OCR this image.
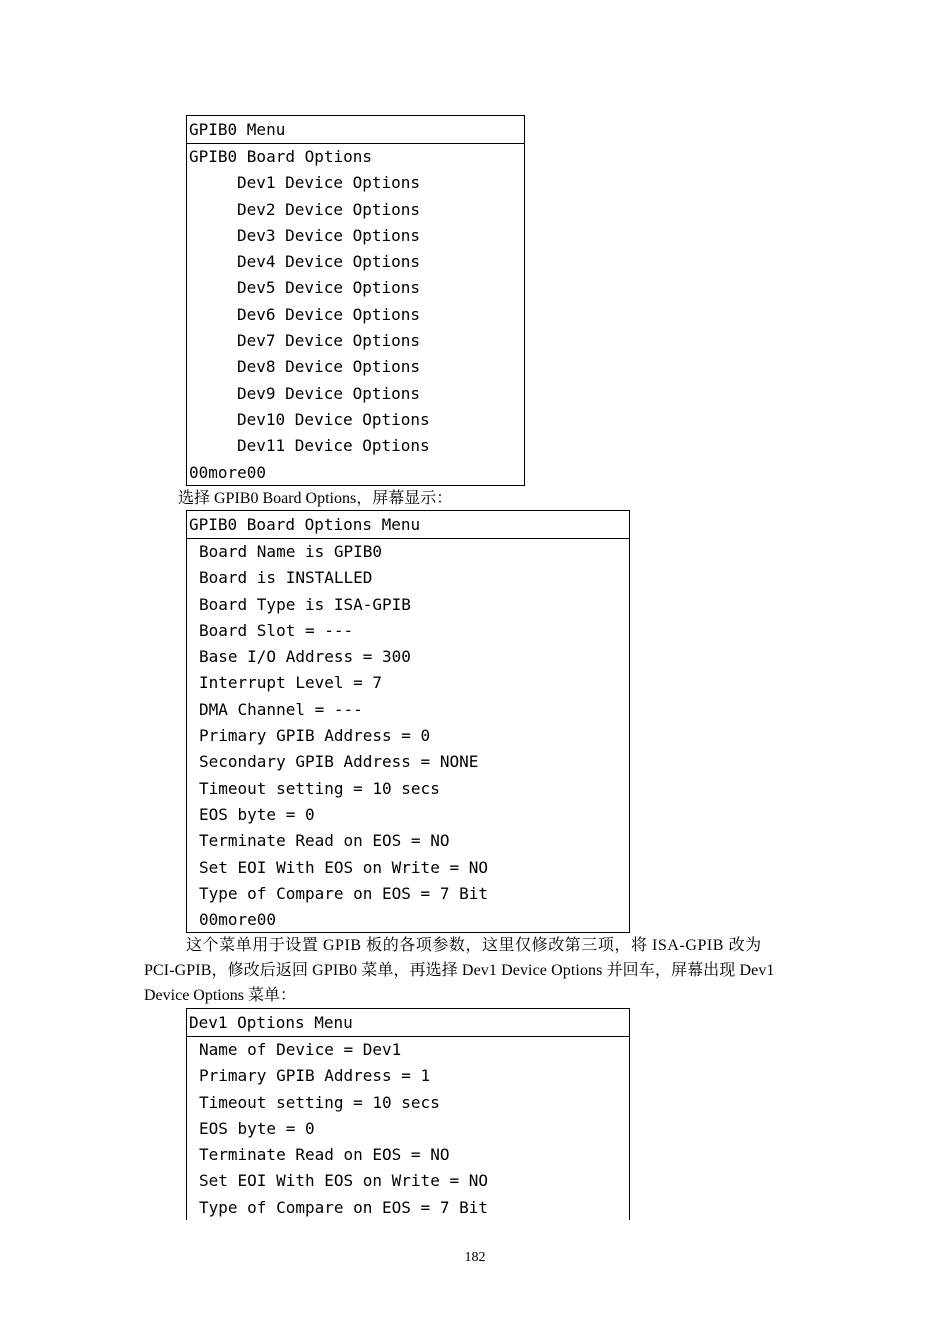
GPIB0 Menu
GPIB0 Board Options
Dev1 Device Options
Dev2 Device Options
Dev3 Device Options
Dev4 Device Options
Dev5 Device Options
Dev6 Device Options
Dev7 Device Options
Dev8 Device Options
Dev9 Device Options
Dev10 Device Options
Dev11 Device Options
00more00
选择 GPIB0 Board Options，屏幕显示：
GPIB0 Board Options Menu
Board Name is GPIB0
Board is INSTALLED
Board Type is ISA-GPIB
Board Slot = ---
Base I/O Address = 300
Interrupt Level = 7
DMA Channel = ---
Primary GPIB Address = 0
Secondary GPIB Address = NONE
Timeout setting = 10 secs
EOS byte = 0
Terminate Read on EOS = NO
Set EOI With EOS on Write = NO
Type of Compare on EOS = 7 Bit
00more00
这个菜单用于设置 GPIB 板的各项参数，这里仅修改第三项，将 ISA-GPIB 改为
PCI-GPIB，修改后返回 GPIB0 菜单，再选择 Dev1 Device Options 并回车，屏幕出现 Dev1
Device Options 菜单：
Dev1 Options Menu
Name of Device = Dev1
Primary GPIB Address = 1
Timeout setting = 10 secs
EOS byte = 0
Terminate Read on EOS = NO
Set EOI With EOS on Write = NO
Type of Compare on EOS = 7 Bit
182
